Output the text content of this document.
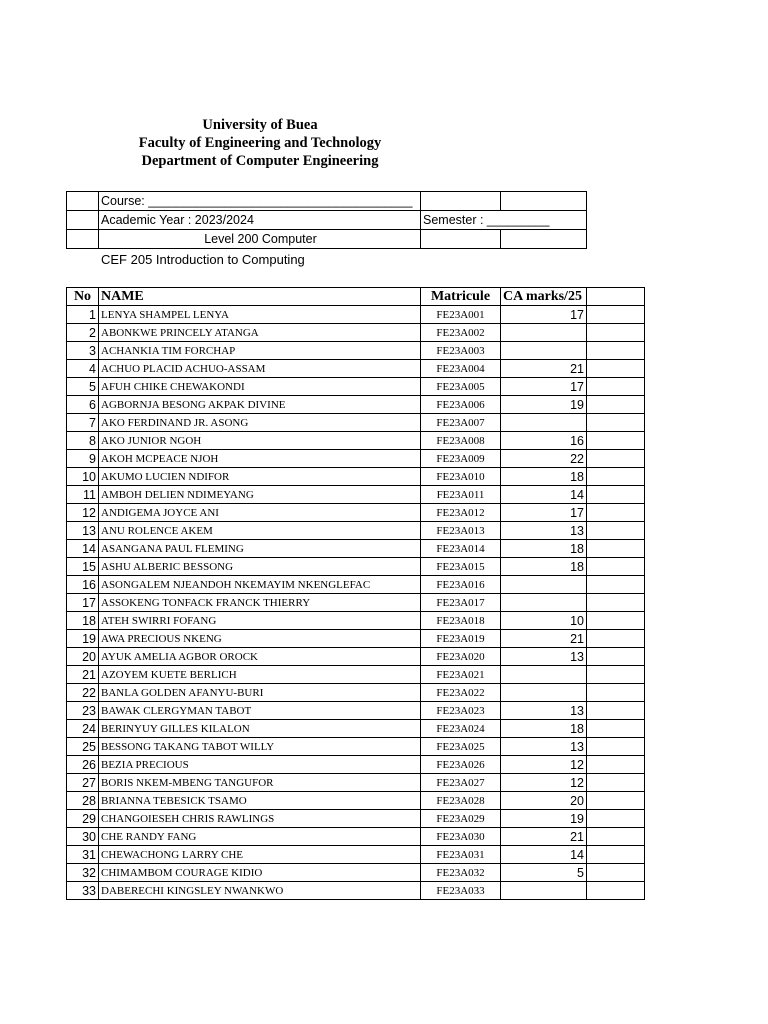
University of Buea
Faculty of Engineering and Technology
Department of Computer Engineering
	Course: ______________________________________		
	Academic Year : 2023/2024	Semester : _________	
	Level 200 Computer		
CEF 205 Introduction to Computing
No	NAME	Matricule	CA marks/25	
1	LENYA SHAMPEL LENYA	FE23A001	17	
2	ABONKWE PRINCELY ATANGA	FE23A002		
3	ACHANKIA TIM FORCHAP	FE23A003		
4	ACHUO PLACID ACHUO-ASSAM	FE23A004	21	
5	AFUH CHIKE CHEWAKONDI	FE23A005	17	
6	AGBORNJA BESONG AKPAK DIVINE	FE23A006	19	
7	AKO FERDINAND JR. ASONG	FE23A007		
8	AKO JUNIOR NGOH	FE23A008	16	
9	AKOH MCPEACE NJOH	FE23A009	22	
10	AKUMO LUCIEN NDIFOR	FE23A010	18	
11	AMBOH DELIEN NDIMEYANG	FE23A011	14	
12	ANDIGEMA JOYCE ANI	FE23A012	17	
13	ANU ROLENCE AKEM	FE23A013	13	
14	ASANGANA PAUL FLEMING	FE23A014	18	
15	ASHU ALBERIC BESSONG	FE23A015	18	
16	ASONGALEM NJEANDOH NKEMAYIM NKENGLEFAC	FE23A016		
17	ASSOKENG TONFACK FRANCK THIERRY	FE23A017		
18	ATEH SWIRRI FOFANG	FE23A018	10	
19	AWA PRECIOUS NKENG	FE23A019	21	
20	AYUK AMELIA AGBOR OROCK	FE23A020	13	
21	AZOYEM KUETE BERLICH	FE23A021		
22	BANLA GOLDEN AFANYU-BURI	FE23A022		
23	BAWAK CLERGYMAN TABOT	FE23A023	13	
24	BERINYUY GILLES KILALON	FE23A024	18	
25	BESSONG TAKANG TABOT WILLY	FE23A025	13	
26	BEZIA PRECIOUS	FE23A026	12	
27	BORIS NKEM-MBENG TANGUFOR	FE23A027	12	
28	BRIANNA TEBESICK TSAMO	FE23A028	20	
29	CHANGOIESEH CHRIS RAWLINGS	FE23A029	19	
30	CHE RANDY FANG	FE23A030	21	
31	CHEWACHONG LARRY CHE	FE23A031	14	
32	CHIMAMBOM COURAGE KIDIO	FE23A032	5	
33	DABERECHI KINGSLEY NWANKWO	FE23A033		
